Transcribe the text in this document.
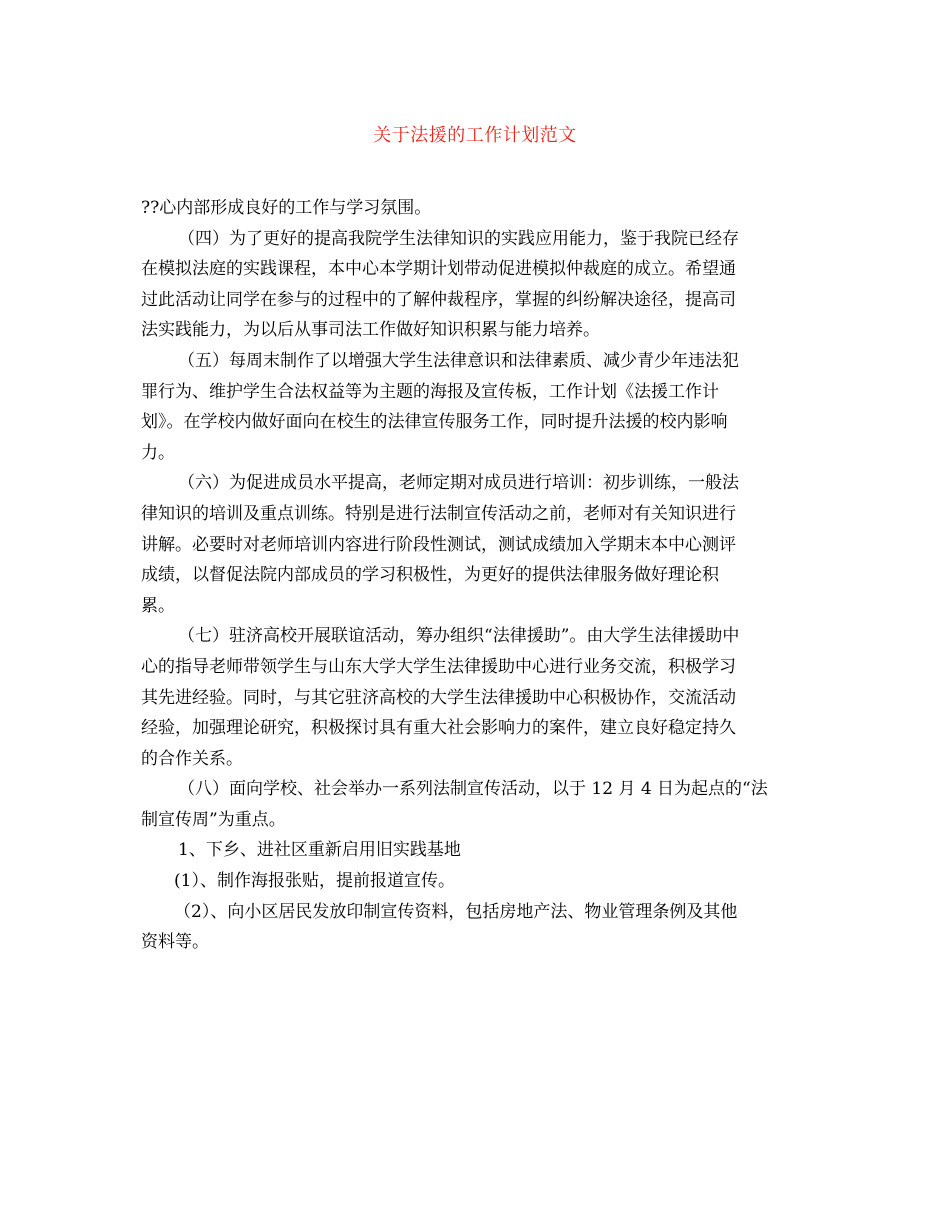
关于法援的工作计划范文
??心内部形成良好的工作与学习氛围。
（四）为了更好的提高我院学生法律知识的实践应用能力，鉴于我院已经存
在模拟法庭的实践课程，本中心本学期计划带动促进模拟仲裁庭的成立。希望通
过此活动让同学在参与的过程中的了解仲裁程序，掌握的纠纷解决途径，提高司
法实践能力，为以后从事司法工作做好知识积累与能力培养。
（五）每周末制作了以增强大学生法律意识和法律素质、减少青少年违法犯
罪行为、维护学生合法权益等为主题的海报及宣传板，工作计划《法援工作计
划》。在学校内做好面向在校生的法律宣传服务工作，同时提升法援的校内影响
力。
（六）为促进成员水平提高，老师定期对成员进行培训：初步训练，一般法
律知识的培训及重点训练。特别是进行法制宣传活动之前，老师对有关知识进行
讲解。必要时对老师培训内容进行阶段性测试，测试成绩加入学期末本中心测评
成绩，以督促法院内部成员的学习积极性，为更好的提供法律服务做好理论积
累。
（七）驻济高校开展联谊活动，筹办组织“法律援助”。由大学生法律援助中
心的指导老师带领学生与山东大学大学生法律援助中心进行业务交流，积极学习
其先进经验。同时，与其它驻济高校的大学生法律援助中心积极协作，交流活动
经验，加强理论研究，积极探讨具有重大社会影响力的案件，建立良好稳定持久
的合作关系。
（八）面向学校、社会举办一系列法制宣传活动，以于 12 月 4 日为起点的“法
制宣传周”为重点。
1、下乡、进社区重新启用旧实践基地
(1）、制作海报张贴，提前报道宣传。
（2）、向小区居民发放印制宣传资料，包括房地产法、物业管理条例及其他
资料等。
